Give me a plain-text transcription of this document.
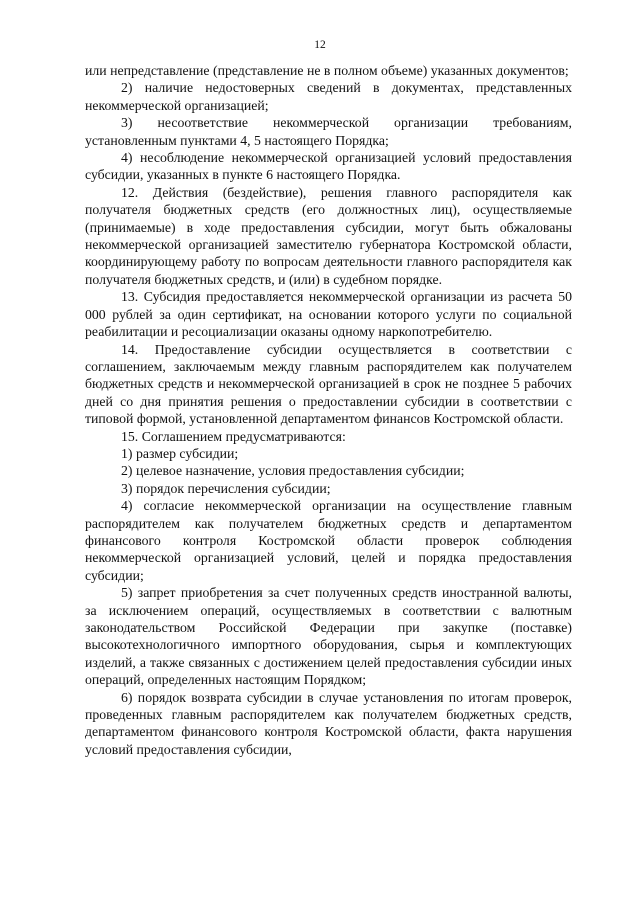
12

или непредставление (представление не в полном объеме) указанных документов;

2) наличие недостоверных сведений в документах, представленных некоммерческой организацией;

3) несоответствие некоммерческой организации требованиям, установленным пунктами 4, 5 настоящего Порядка;

4) несоблюдение некоммерческой организацией условий предоставления субсидии, указанных в пункте 6 настоящего Порядка.

12. Действия (бездействие), решения главного распорядителя как получателя бюджетных средств (его должностных лиц), осуществляемые (принимаемые) в ходе предоставления субсидии, могут быть обжалованы некоммерческой организацией заместителю губернатора Костромской области, координирующему работу по вопросам деятельности главного распорядителя как получателя бюджетных средств, и (или) в судебном порядке.

13. Субсидия предоставляется некоммерческой организации из расчета 50 000 рублей за один сертификат, на основании которого услуги по социальной реабилитации и ресоциализации оказаны одному наркопотребителю.

14. Предоставление субсидии осуществляется в соответствии с соглашением, заключаемым между главным распорядителем как получателем бюджетных средств и некоммерческой организацией в срок не позднее 5 рабочих дней со дня принятия решения о предоставлении субсидии в соответствии с типовой формой, установленной департаментом финансов Костромской области.

15. Соглашением предусматриваются:

1) размер субсидии;

2) целевое назначение, условия предоставления субсидии;

3) порядок перечисления субсидии;

4) согласие некоммерческой организации на осуществление главным распорядителем как получателем бюджетных средств и департаментом финансового контроля Костромской области проверок соблюдения некоммерческой организацией условий, целей и порядка предоставления субсидии;

5) запрет приобретения за счет полученных средств иностранной валюты, за исключением операций, осуществляемых в соответствии с валютным законодательством Российской Федерации при закупке (поставке) высокотехнологичного импортного оборудования, сырья и комплектующих изделий, а также связанных с достижением целей предоставления субсидии иных операций, определенных настоящим Порядком;

6) порядок возврата субсидии в случае установления по итогам проверок, проведенных главным распорядителем как получателем бюджетных средств, департаментом финансового контроля Костромской области, факта нарушения условий предоставления субсидии,
